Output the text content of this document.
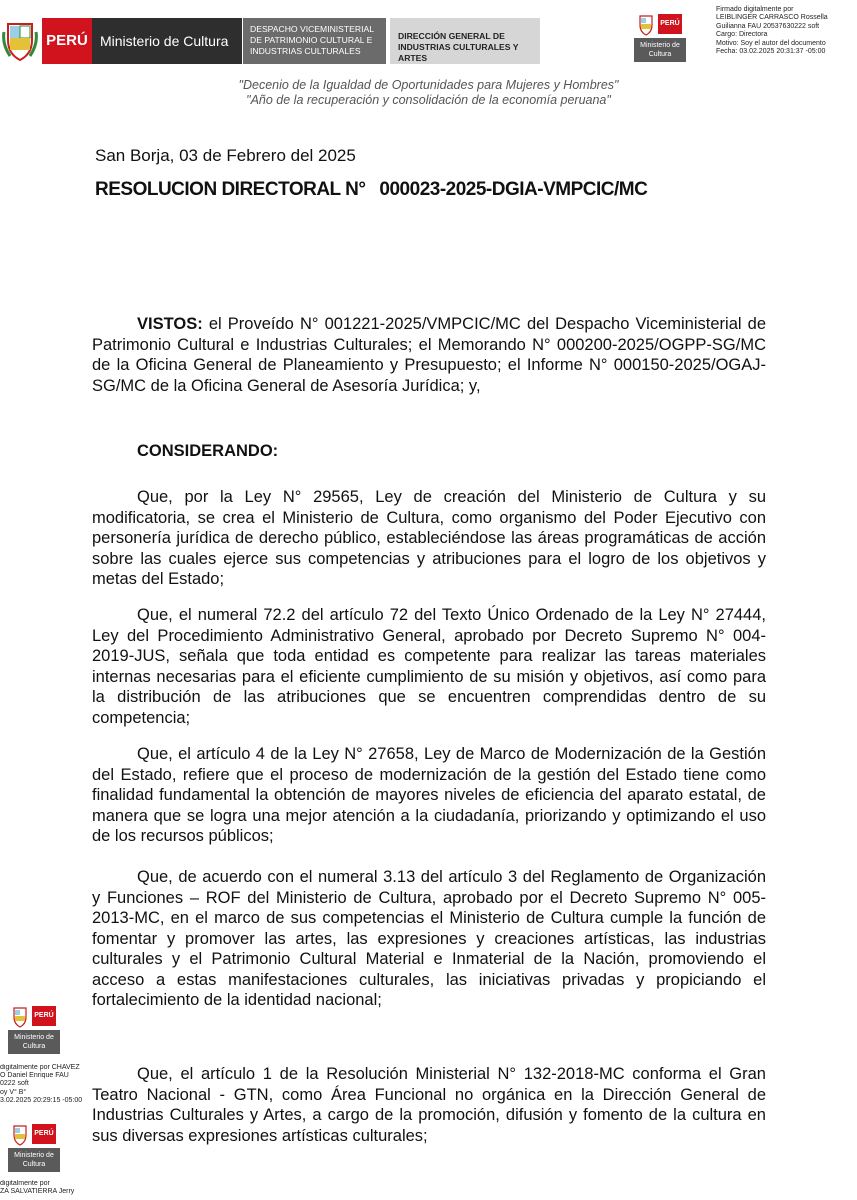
PERÚ Ministerio de Cultura
DESPACHO VICEMINISTERIAL DE PATRIMONIO CULTURAL E INDUSTRIAS CULTURALES
DIRECCIÓN GENERAL DE INDUSTRIAS CULTURALES Y ARTES
PERÚ
Ministerio de Cultura
Firmado digitalmente por
LEIBLINGER CARRASCO Rossella
Guilianna FAU 20537630222 soft
Cargo: Directora
Motivo: Soy el autor del documento
Fecha: 03.02.2025 20:31:37 -05:00
"Decenio de la Igualdad de Oportunidades para Mujeres y Hombres"
"Año de la recuperación y consolidación de la economía peruana"
San Borja, 03 de Febrero del 2025
RESOLUCION DIRECTORAL N° 000023-2025-DGIA-VMPCIC/MC
VISTOS: el Proveído N° 001221-2025/VMPCIC/MC del Despacho Viceministerial de Patrimonio Cultural e Industrias Culturales; el Memorando N° 000200-2025/OGPP-SG/MC de la Oficina General de Planeamiento y Presupuesto; el Informe N° 000150-2025/OGAJ-SG/MC de la Oficina General de Asesoría Jurídica; y,
CONSIDERANDO:
Que, por la Ley N° 29565, Ley de creación del Ministerio de Cultura y su modificatoria, se crea el Ministerio de Cultura, como organismo del Poder Ejecutivo con personería jurídica de derecho público, estableciéndose las áreas programáticas de acción sobre las cuales ejerce sus competencias y atribuciones para el logro de los objetivos y metas del Estado;
Que, el numeral 72.2 del artículo 72 del Texto Único Ordenado de la Ley N° 27444, Ley del Procedimiento Administrativo General, aprobado por Decreto Supremo N° 004-2019-JUS, señala que toda entidad es competente para realizar las tareas materiales internas necesarias para el eficiente cumplimiento de su misión y objetivos, así como para la distribución de las atribuciones que se encuentren comprendidas dentro de su competencia;
Que, el artículo 4 de la Ley N° 27658, Ley de Marco de Modernización de la Gestión del Estado, refiere que el proceso de modernización de la gestión del Estado tiene como finalidad fundamental la obtención de mayores niveles de eficiencia del aparato estatal, de manera que se logra una mejor atención a la ciudadanía, priorizando y optimizando el uso de los recursos públicos;
Que, de acuerdo con el numeral 3.13 del artículo 3 del Reglamento de Organización y Funciones – ROF del Ministerio de Cultura, aprobado por el Decreto Supremo N° 005-2013-MC, en el marco de sus competencias el Ministerio de Cultura cumple la función de fomentar y promover las artes, las expresiones y creaciones artísticas, las industrias culturales y el Patrimonio Cultural Material e Inmaterial de la Nación, promoviendo el acceso a estas manifestaciones culturales, las iniciativas privadas y propiciando el fortalecimiento de la identidad nacional;
Que, el artículo 1 de la Resolución Ministerial N° 132-2018-MC conforma el Gran Teatro Nacional - GTN, como Área Funcional no orgánica en la Dirección General de Industrias Culturales y Artes, a cargo de la promoción, difusión y fomento de la cultura en sus diversas expresiones artísticas culturales;
PERÚ
Ministerio de Cultura
digitalmente por CHAVEZ
O Daniel Enrique FAU
0222 soft
oy V° B°
3.02.2025 20:29:15 -05:00
PERÚ
Ministerio de Cultura
digitalmente por
ZA SALVATIERRA Jerry
